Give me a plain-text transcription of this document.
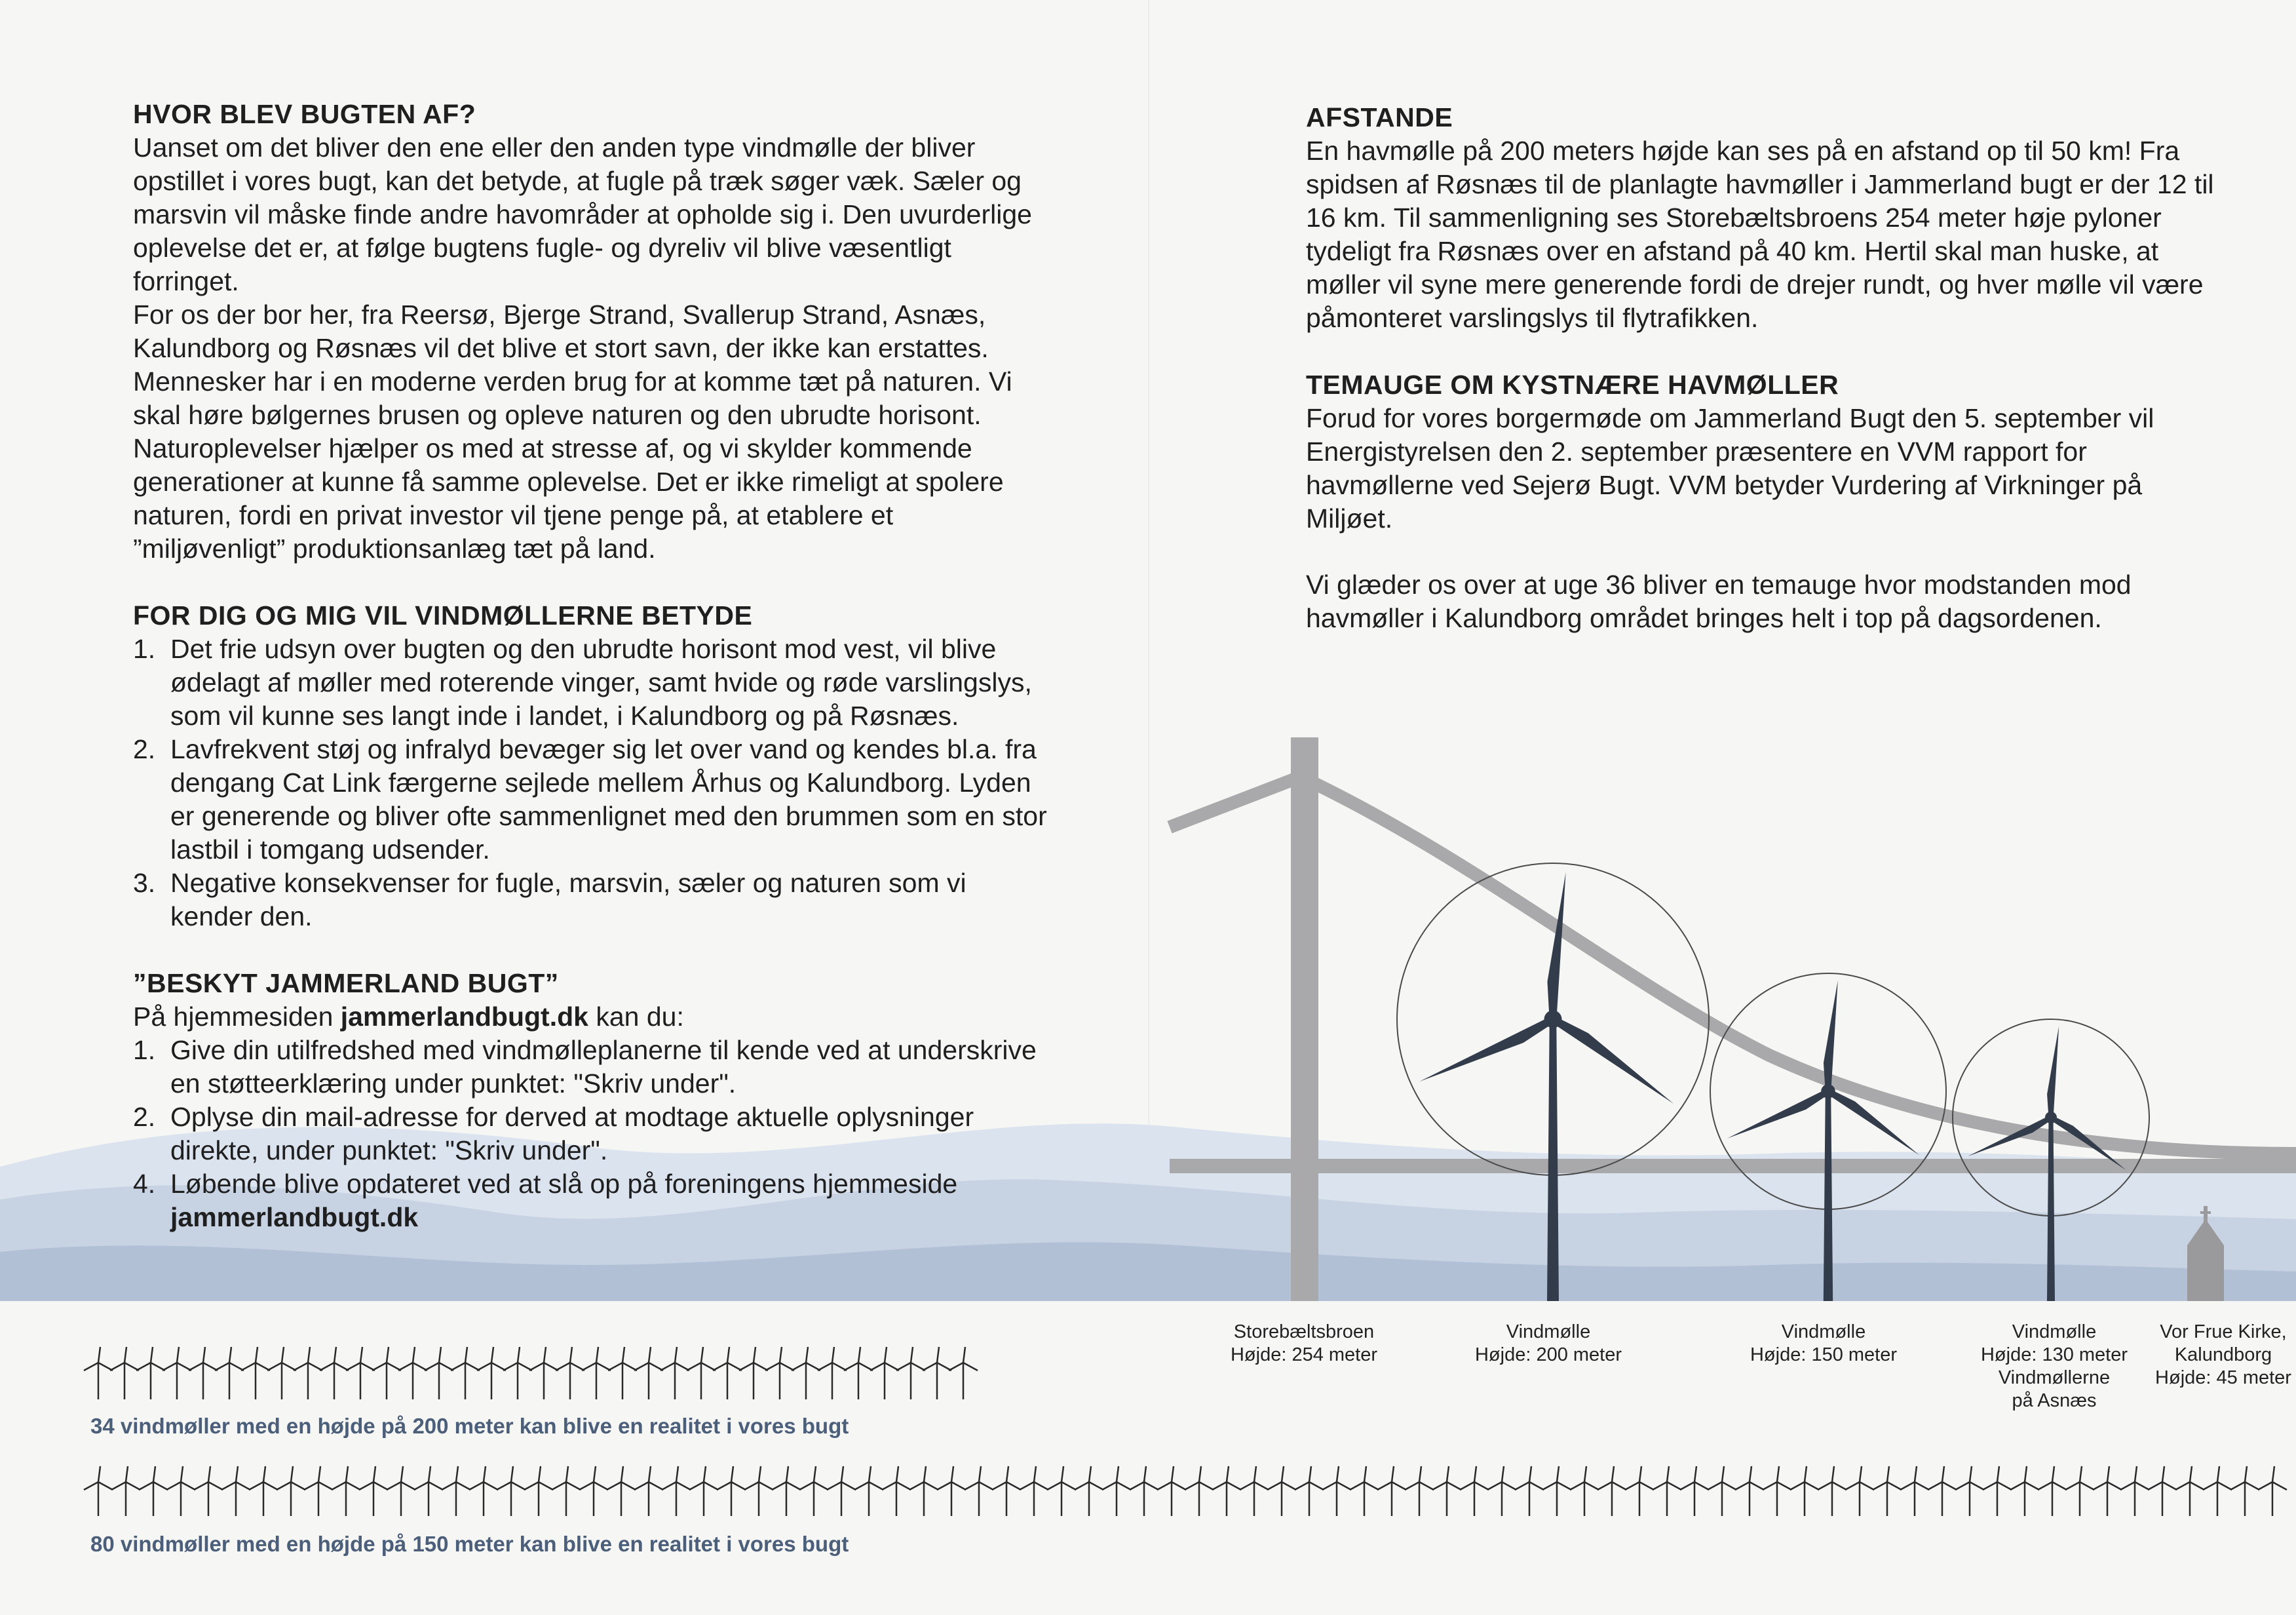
HVOR BLEV BUGTEN AF?

Uanset om det bliver den ene eller den anden type vindmølle der bliver opstillet i vores bugt, kan det betyde, at fugle på træk søger væk. Sæler og marsvin vil måske finde andre havområder at opholde sig i. Den uvurderlige oplevelse det er, at følge bugtens fugle- og dyreliv vil blive væsentligt forringet.

For os der bor her, fra Reersø, Bjerge Strand, Svallerup Strand, Asnæs, Kalundborg og Røsnæs vil det blive et stort savn, der ikke kan erstattes. Mennesker har i en moderne verden brug for at komme tæt på naturen. Vi skal høre bølgernes brusen og opleve naturen og den ubrudte horisont. Naturoplevelser hjælper os med at stresse af, og vi skylder kommende generationer at kunne få samme oplevelse. Det er ikke rimeligt at spolere naturen, fordi en privat investor vil tjene penge på, at etablere et ”miljøvenligt” produktionsanlæg tæt på land.

FOR DIG OG MIG VIL VINDMØLLERNE BETYDE
1. Det frie udsyn over bugten og den ubrudte horisont mod vest, vil blive ødelagt af møller med roterende vinger, samt hvide og røde varslingslys, som vil kunne ses langt inde i landet, i Kalundborg og på Røsnæs.
2. Lavfrekvent støj og infralyd bevæger sig let over vand og kendes bl.a. fra dengang Cat Link færgerne sejlede mellem Århus og Kalundborg. Lyden er generende og bliver ofte sammenlignet med den brummen som en stor lastbil i tomgang udsender.
3. Negative konsekvenser for fugle, marsvin, sæler og naturen som vi kender den.
”BESKYT JAMMERLAND BUGT”

På hjemmesiden jammerlandbugt.dk kan du:

1. Give din utilfredshed med vindmølleplanerne til kende ved at underskrive en støtteerklæring under punktet: "Skriv under".
2. Oplyse din mail-adresse for derved at modtage aktuelle oplysninger direkte, under punktet: "Skriv under".
4. Løbende blive opdateret ved at slå op på foreningens hjemmeside
jammerlandbugt.dk
AFSTANDE

En havmølle på 200 meters højde kan ses på en afstand op til 50 km! Fra spidsen af Røsnæs til de planlagte havmøller i Jammerland bugt er der 12 til 16 km. Til sammenligning ses Storebæltsbroens 254 meter høje pyloner tydeligt fra Røsnæs over en afstand på 40 km. Hertil skal man huske, at møller vil syne mere generende fordi de drejer rundt, og hver mølle vil være påmonteret varslingslys til flytrafikken.

TEMAUGE OM KYSTNÆRE HAVMØLLER

Forud for vores borgermøde om Jammerland Bugt den 5. september vil Energistyrelsen den 2. september præsentere en VVM rapport for havmøllerne ved Sejerø Bugt. VVM betyder Vurdering af Virkninger på Miljøet.

Vi glæder os over at uge 36 bliver en temauge hvor modstanden mod havmøller i Kalundborg området bringes helt i top på dagsordenen.

Storebæltsbroen
Højde: 254 meter
Vindmølle
Højde: 200 meter
Vindmølle
Højde: 150 meter
Vindmølle
Højde: 130 meter
Vindmøllerne
på Asnæs
Vor Frue Kirke,
Kalundborg
Højde: 45 meter
34 vindmøller med en højde på 200 meter kan blive en realitet i vores bugt
80 vindmøller med en højde på 150 meter kan blive en realitet i vores bugt
